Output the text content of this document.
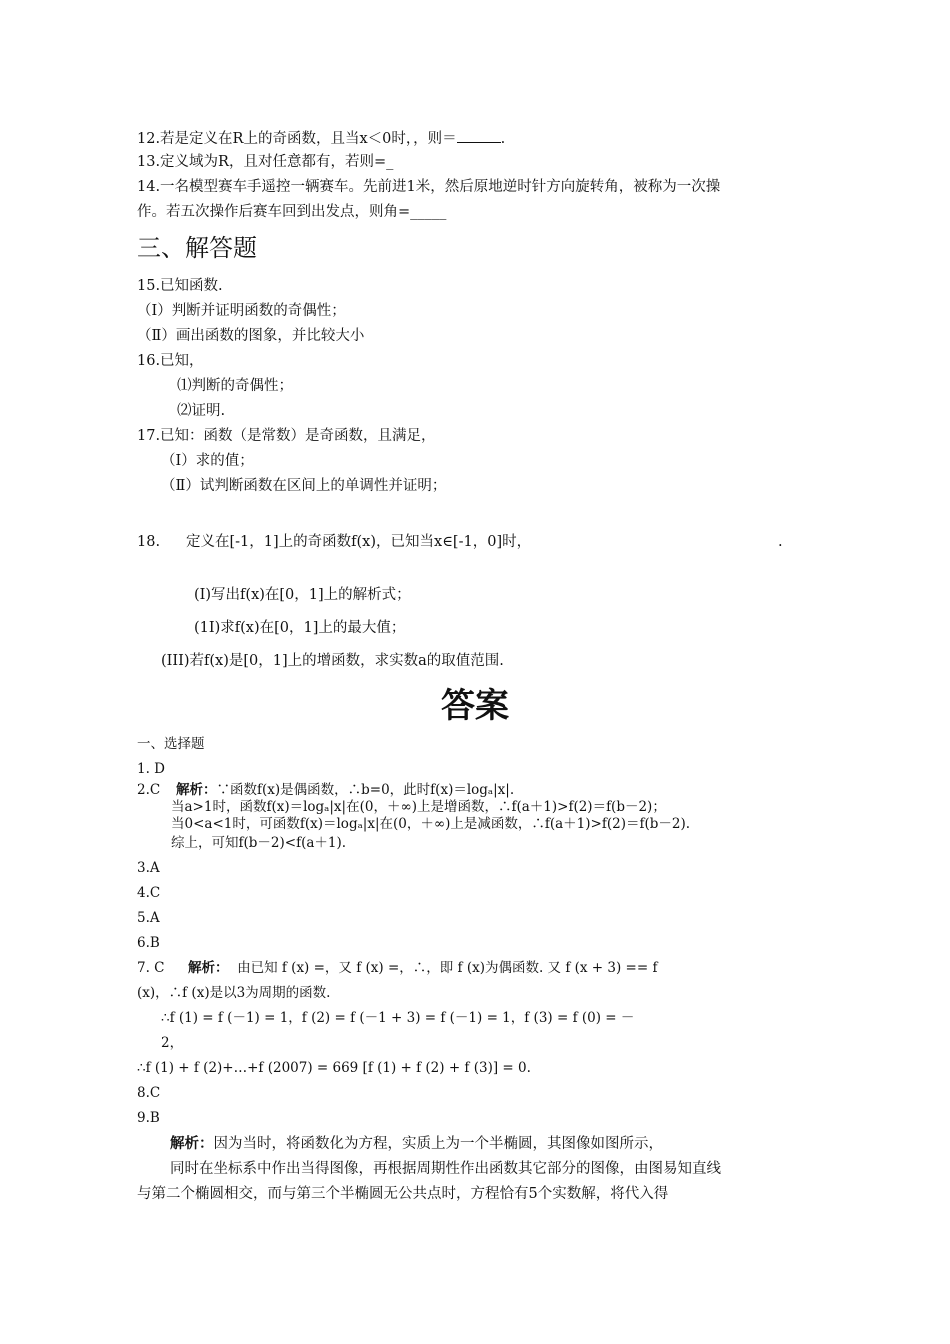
12.若是定义在R上的奇函数，且当x＜0时，，则＝	.
13.定义域为R，且对任意都有，若则=_
14.一名模型赛车手遥控一辆赛车。先前进1米，然后原地逆时针方向旋转角，被称为一次操
作。若五次操作后赛车回到出发点，则角=_____
三、解答题
15.已知函数.
（Ⅰ）判断并证明函数的奇偶性；
（Ⅱ）画出函数的图象，并比较大小
16.已知，
⑴判断的奇偶性；
⑵证明.
17.已知：函数（是常数）是奇函数，且满足，
（Ⅰ）求的值；
（Ⅱ）试判断函数在区间上的单调性并证明；
18. 定义在[-1，1]上的奇函数f(x)，已知当x∈[-1，0]时，	.
(I)写出f(x)在[0，1]上的解析式；
(1I)求f(x)在[0，1]上的最大值；
(III)若f(x)是[0，1]上的增函数，求实数a的取值范围.
答案
一、选择题
1. D
2.C 解析：∵函数f(x)是偶函数，∴b=0，此时f(x)＝logₐ|x|.
当a>1时，函数f(x)＝logₐ|x|在(0，＋∞)上是增函数，∴f(a＋1)>f(2)＝f(b－2)；
当0<a<1时，可函数f(x)＝logₐ|x|在(0，＋∞)上是减函数，∴f(a＋1)>f(2)＝f(b－2).
综上，可知f(b－2)<f(a＋1).
3.A
4.C
5.A
6.B
7. C 解析： 由已知 f (x) =，又 f (x) =，∴，即 f (x)为偶函数. 又 f (x + 3) == f
(x)，∴f (x)是以3为周期的函数.
∴f (1) = f (－1) = 1，f (2) = f (－1 + 3) = f (－1) = 1，f (3) = f (0) = －
2，
∴f (1) + f (2)+…+f (2007) = 669 [f (1) + f (2) + f (3)] = 0.
8.C
9.B
解析：因为当时，将函数化为方程，实质上为一个半椭圆，其图像如图所示，
同时在坐标系中作出当得图像，再根据周期性作出函数其它部分的图像，由图易知直线
与第二个椭圆相交，而与第三个半椭圆无公共点时，方程恰有5个实数解，将代入得
